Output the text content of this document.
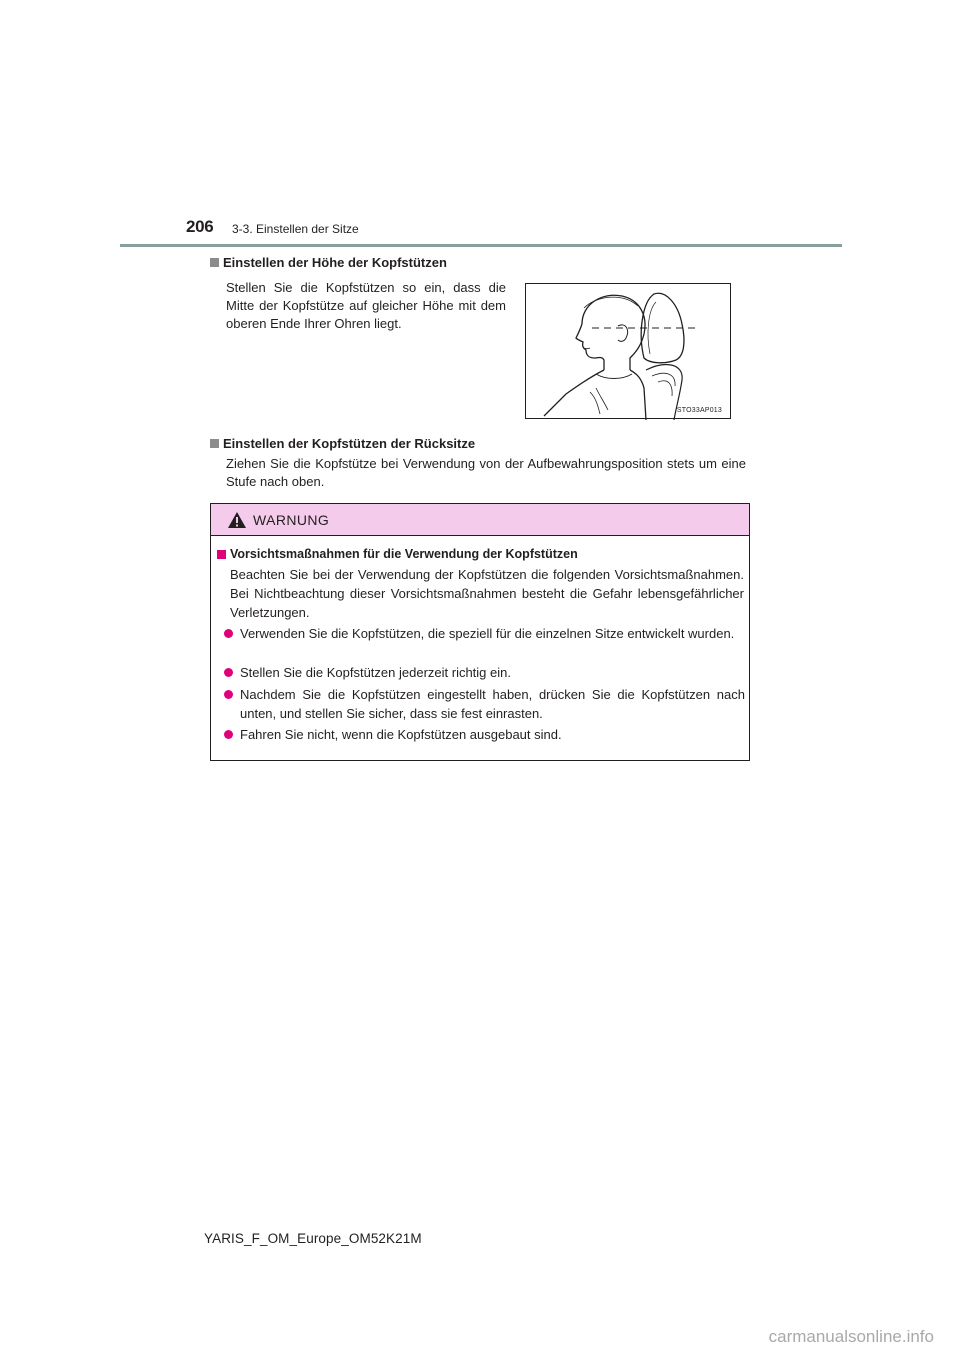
206 3-3. Einstellen der Sitze
Einstellen der Höhe der Kopfstützen
Stellen Sie die Kopfstützen so ein, dass die Mitte der Kopfstütze auf gleicher Höhe mit dem oberen Ende Ihrer Ohren liegt.
STO33AP013
Einstellen der Kopfstützen der Rücksitze
Ziehen Sie die Kopfstütze bei Verwendung von der Aufbewahrungsposition stets um eine Stufe nach oben.
WARNUNG
Vorsichtsmaßnahmen für die Verwendung der Kopfstützen
Beachten Sie bei der Verwendung der Kopfstützen die folgenden Vorsichtsmaßnahmen. Bei Nichtbeachtung dieser Vorsichtsmaßnahmen besteht die Gefahr lebensgefährlicher Verletzungen.
Verwenden Sie die Kopfstützen, die speziell für die einzelnen Sitze entwickelt wurden.
Stellen Sie die Kopfstützen jederzeit richtig ein.
Nachdem Sie die Kopfstützen eingestellt haben, drücken Sie die Kopfstützen nach unten, und stellen Sie sicher, dass sie fest einrasten.
Fahren Sie nicht, wenn die Kopfstützen ausgebaut sind.
YARIS_F_OM_Europe_OM52K21M
carmanualsonline.info
